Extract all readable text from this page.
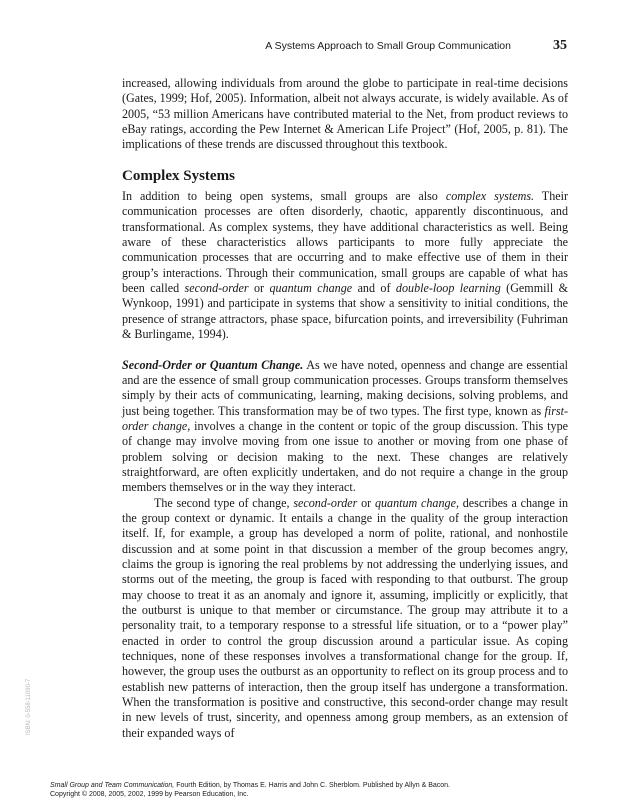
A Systems Approach to Small Group Communication	35

increased, allowing individuals from around the globe to participate in real-time decisions (Gates, 1999; Hof, 2005). Information, albeit not always accurate, is widely available. As of 2005, “53 million Americans have contributed material to the Net, from product reviews to eBay ratings, according the Pew Internet & American Life Project” (Hof, 2005, p. 81). The implications of these trends are discussed throughout this textbook.

Complex Systems

In addition to being open systems, small groups are also complex systems. Their communication processes are often disorderly, chaotic, apparently discontinuous, and transformational. As complex systems, they have additional characteristics as well. Being aware of these characteristics allows participants to more fully appreciate the communication processes that are occurring and to make effective use of them in their group’s interactions. Through their communication, small groups are capable of what has been called second-order or quantum change and of double-loop learning (Gemmill & Wynkoop, 1991) and participate in systems that show a sensitivity to initial conditions, the presence of strange attractors, phase space, bifurcation points, and irreversibility (Fuhriman & Burlingame, 1994).

Second-Order or Quantum Change. As we have noted, openness and change are essential and are the essence of small group communication processes. Groups transform themselves simply by their acts of communicating, learning, making decisions, solving problems, and just being together. This transformation may be of two types. The first type, known as first-order change, involves a change in the content or topic of the group discussion. This type of change may involve moving from one issue to another or moving from one phase of problem solving or decision making to the next. These changes are relatively straightforward, are often explicitly undertaken, and do not require a change in the group members themselves or in the way they interact.

The second type of change, second-order or quantum change, describes a change in the group context or dynamic. It entails a change in the quality of the group interaction itself. If, for example, a group has developed a norm of polite, rational, and nonhostile discussion and at some point in that discussion a member of the group becomes angry, claims the group is ignoring the real problems by not addressing the underlying issues, and storms out of the meeting, the group is faced with responding to that outburst. The group may choose to treat it as an anomaly and ignore it, assuming, implicitly or explicitly, that the outburst is unique to that member or circumstance. The group may attribute it to a personality trait, to a temporary response to a stressful life situation, or to a “power play” enacted in order to control the group discussion around a particular issue. As coping techniques, none of these responses involves a transformational change for the group. If, however, the group uses the outburst as an opportunity to reflect on its group process and to establish new patterns of interaction, then the group itself has undergone a transformation. When the transformation is positive and constructive, this second-order change may result in new levels of trust, sincerity, and openness among group members, as an extension of their expanded ways of

ISBN: 0-558-11090-7
Small Group and Team Communication, Fourth Edition, by Thomas E. Harris and John C. Sherblom. Published by Allyn & Bacon.
Copyright © 2008, 2005, 2002, 1999 by Pearson Education, Inc.
